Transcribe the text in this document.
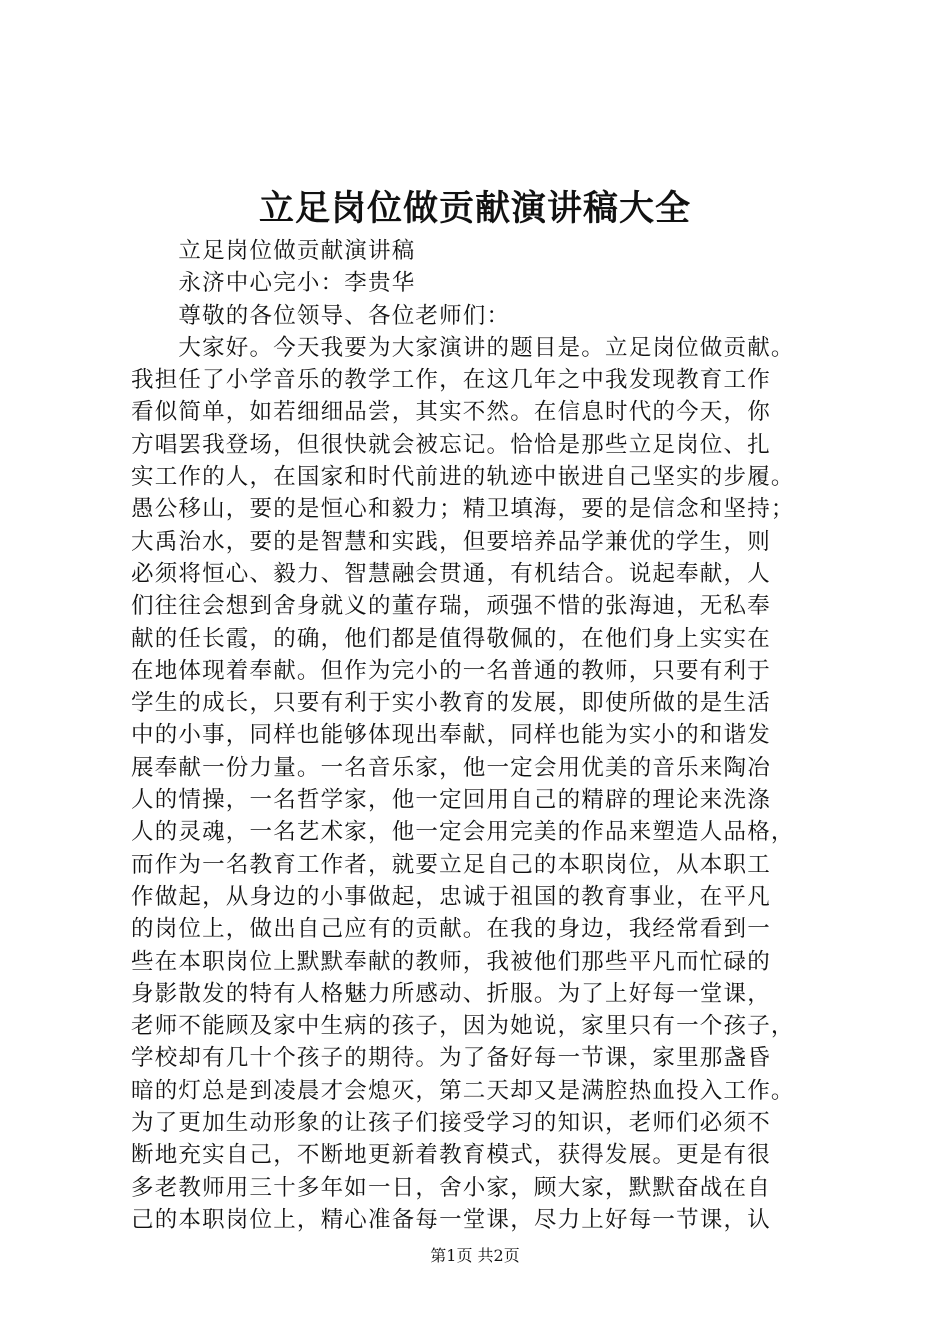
立足岗位做贡献演讲稿大全
　　立足岗位做贡献演讲稿
　　永济中心完小：李贵华
　　尊敬的各位领导、各位老师们：
　　大家好。今天我要为大家演讲的题目是。立足岗位做贡献。
我担任了小学音乐的教学工作，在这几年之中我发现教育工作
看似简单，如若细细品尝，其实不然。在信息时代的今天，你
方唱罢我登场，但很快就会被忘记。恰恰是那些立足岗位、扎
实工作的人，在国家和时代前进的轨迹中嵌进自己坚实的步履。
愚公移山，要的是恒心和毅力；精卫填海，要的是信念和坚持；
大禹治水，要的是智慧和实践，但要培养品学兼优的学生，则
必须将恒心、毅力、智慧融会贯通，有机结合。说起奉献，人
们往往会想到舍身就义的董存瑞，顽强不惜的张海迪，无私奉
献的任长霞，的确，他们都是值得敬佩的，在他们身上实实在
在地体现着奉献。但作为完小的一名普通的教师，只要有利于
学生的成长，只要有利于实小教育的发展，即使所做的是生活
中的小事，同样也能够体现出奉献，同样也能为实小的和谐发
展奉献一份力量。一名音乐家，他一定会用优美的音乐来陶冶
人的情操，一名哲学家，他一定回用自己的精辟的理论来洗涤
人的灵魂，一名艺术家，他一定会用完美的作品来塑造人品格，
而作为一名教育工作者，就要立足自己的本职岗位，从本职工
作做起，从身边的小事做起，忠诚于祖国的教育事业，在平凡
的岗位上，做出自己应有的贡献。在我的身边，我经常看到一
些在本职岗位上默默奉献的教师，我被他们那些平凡而忙碌的
身影散发的特有人格魅力所感动、折服。为了上好每一堂课，
老师不能顾及家中生病的孩子，因为她说，家里只有一个孩子，
学校却有几十个孩子的期待。为了备好每一节课，家里那盏昏
暗的灯总是到凌晨才会熄灭，第二天却又是满腔热血投入工作。
为了更加生动形象的让孩子们接受学习的知识，老师们必须不
断地充实自己，不断地更新着教育模式，获得发展。更是有很
多老教师用三十多年如一日，舍小家，顾大家，默默奋战在自
己的本职岗位上，精心准备每一堂课，尽力上好每一节课，认
第1页 共2页
